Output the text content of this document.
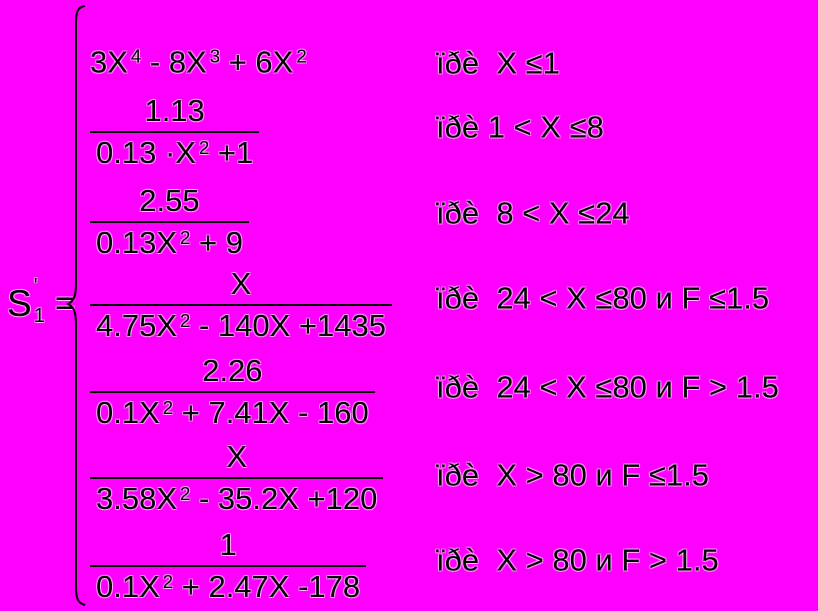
S '
1 =
3X 4 - 8X 3 + 6X 2	ïðè  X ≤1
$\frac{1.13}{0.13 \cdot X 2 +1}$	ïðè 1 < X ≤8
$\frac{2.55}{0.13X 2 + 9}$	ïðè  8 < X ≤24
$\frac{X}{4.75X 2 - 140X +1435}$ ïðè  24 < X ≤80 и F ≤1.5
$\frac{2.26}{0.1X 2 + 7.41X - 160}$ ïðè  24 < X ≤80 и F > 1.5
$\frac{X}{3.58X 2 - 35.2X +120}$ ïðè  X > 80 и F ≤1.5
$\frac{1}{0.1X 2 + 2.47X -178}$ ïðè  X > 80 и F > 1.5
